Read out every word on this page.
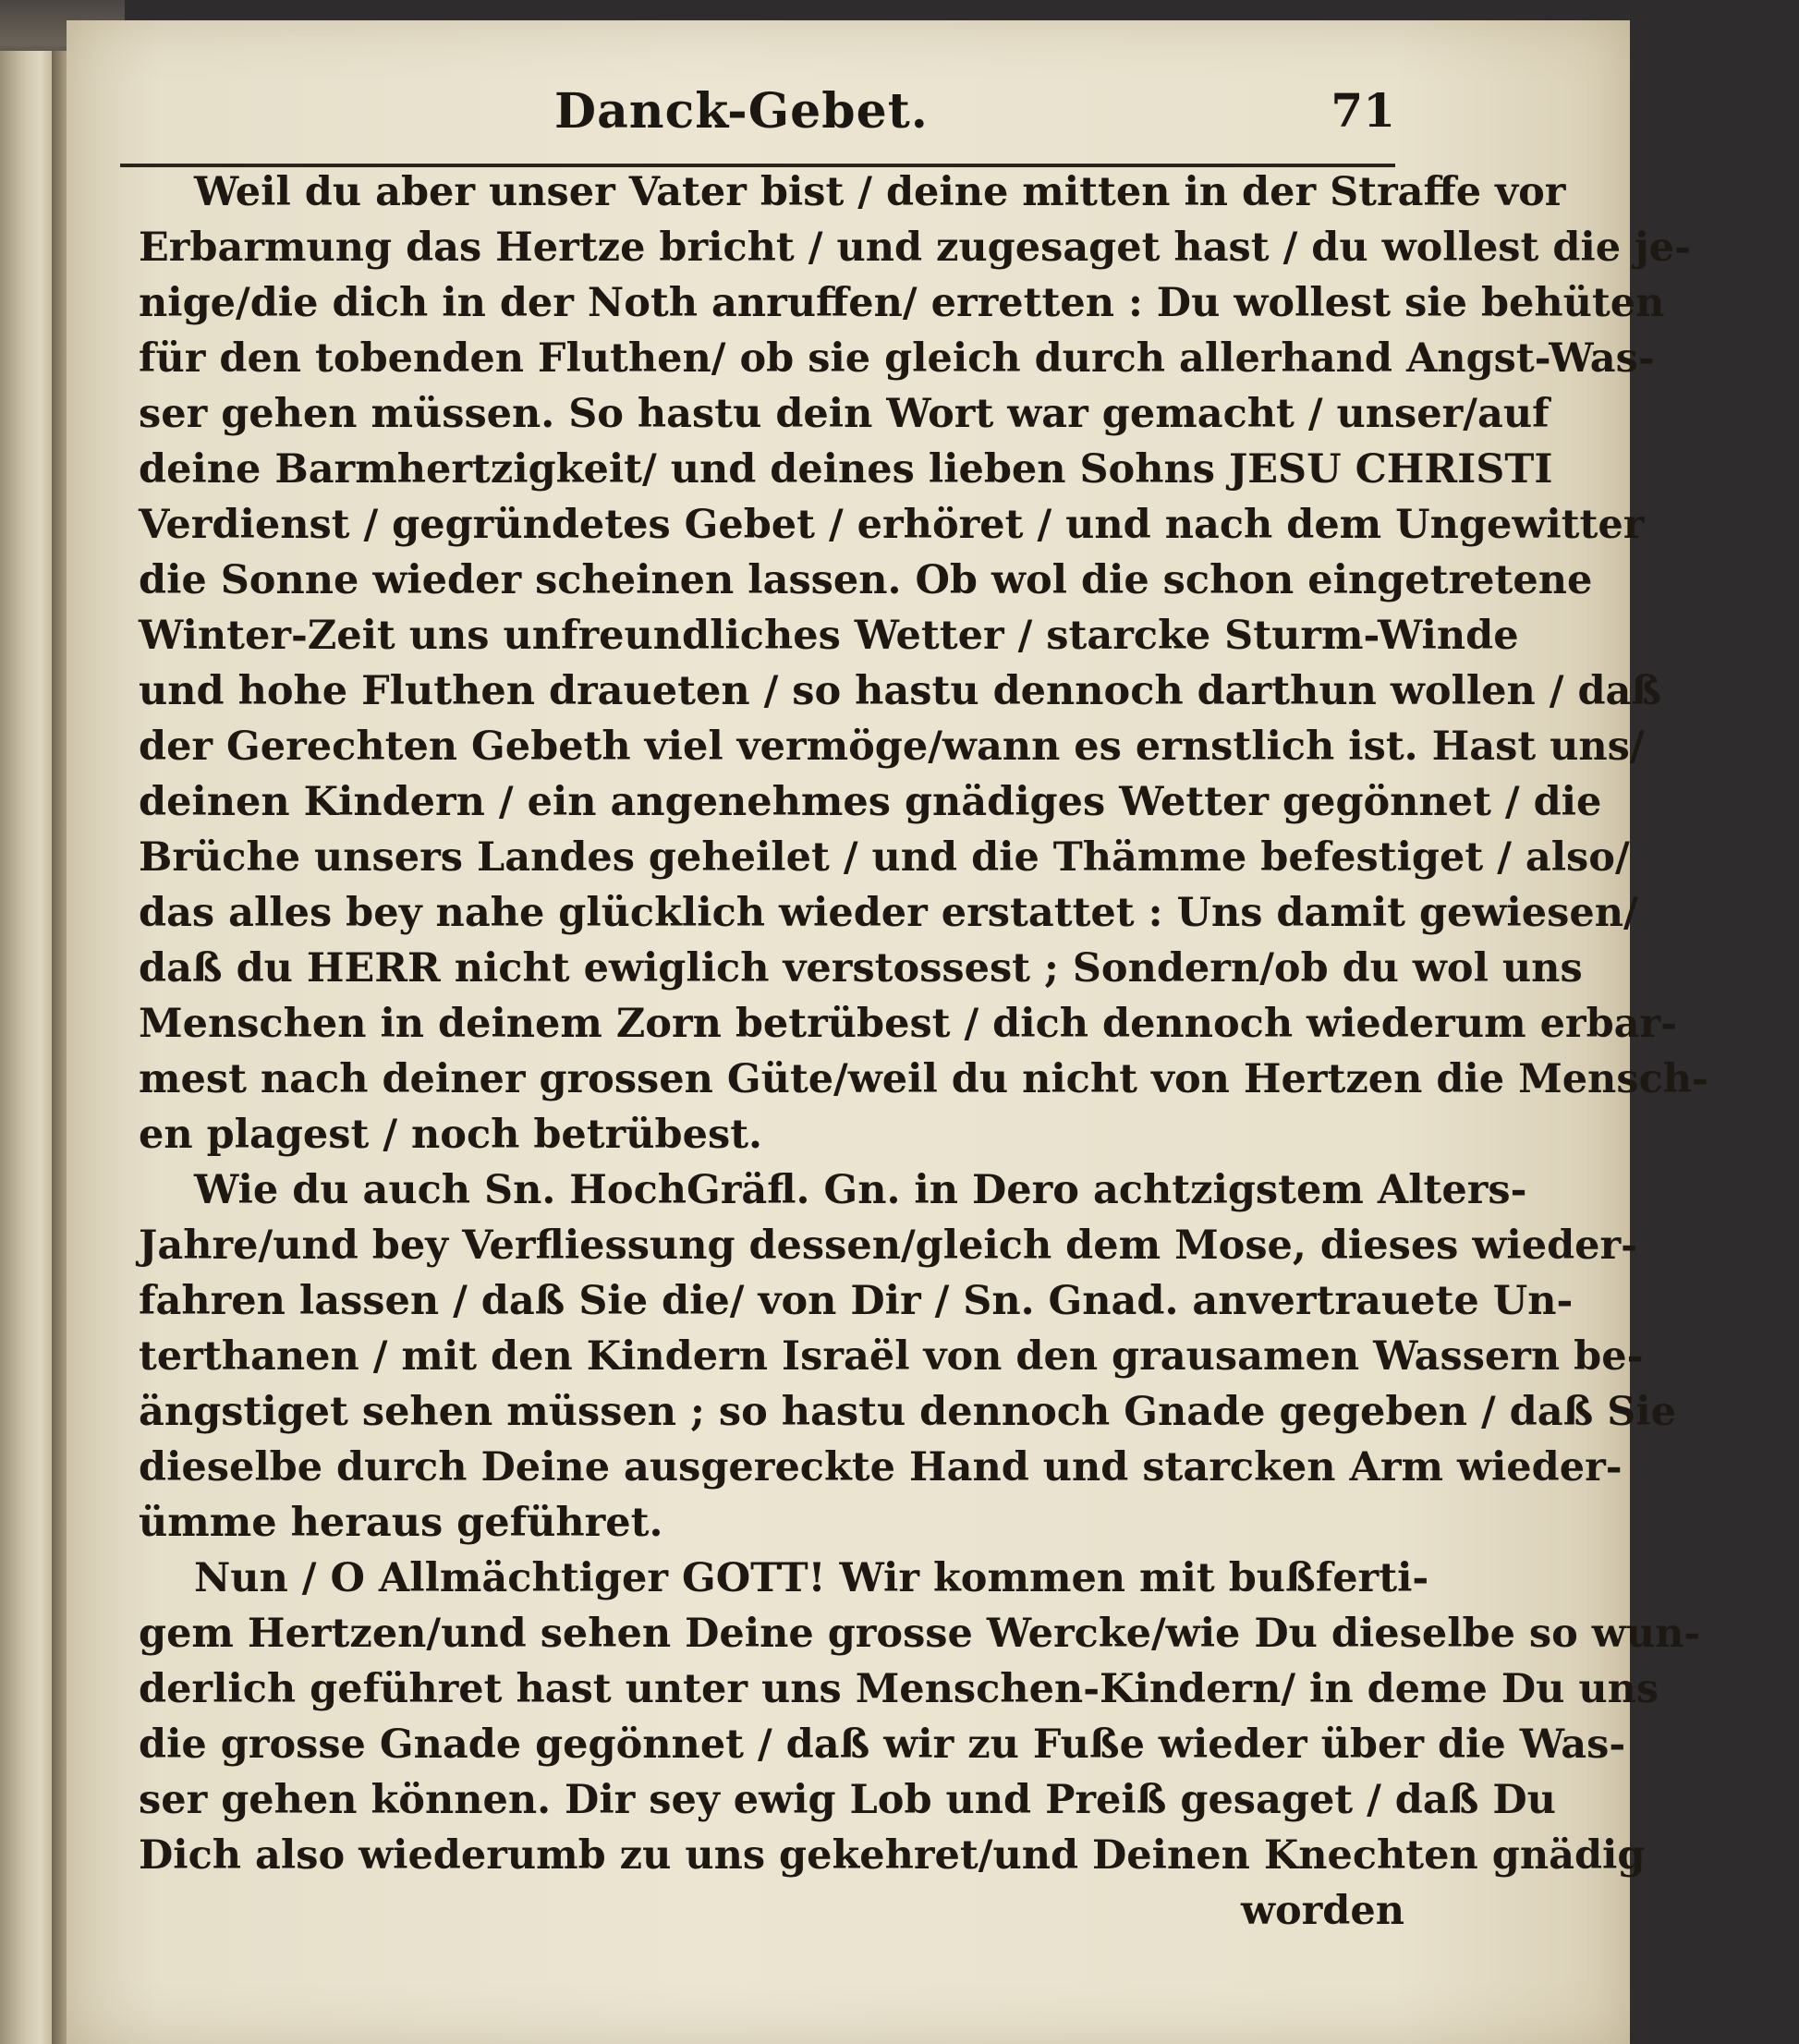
Danck-Gebet.	71
Weil du aber unser Vater bist / deine mitten in der Straffe vor
Erbarmung das Hertze bricht / und zugesaget hast / du wollest die je-
nige/die dich in der Noth anruffen/ erretten : Du wollest sie behüten
für den tobenden Fluthen/ ob sie gleich durch allerhand Angst-Was-
ser gehen müssen. So hastu dein Wort war gemacht / unser/auf
deine Barmhertzigkeit/ und deines lieben Sohns JESU CHRISTI
Verdienst / gegründetes Gebet / erhöret / und nach dem Ungewitter
die Sonne wieder scheinen lassen. Ob wol die schon eingetretene
Winter-Zeit uns unfreundliches Wetter / starcke Sturm-Winde
und hohe Fluthen draueten / so hastu dennoch darthun wollen / daß
der Gerechten Gebeth viel vermöge/wann es ernstlich ist. Hast uns/
deinen Kindern / ein angenehmes gnädiges Wetter gegönnet / die
Brüche unsers Landes geheilet / und die Thämme befestiget / also/
das alles bey nahe glücklich wieder erstattet : Uns damit gewiesen/
daß du HERR nicht ewiglich verstossest ; Sondern/ob du wol uns
Menschen in deinem Zorn betrübest / dich dennoch wiederum erbar-
mest nach deiner grossen Güte/weil du nicht von Hertzen die Mensch-
en plagest / noch betrübest.
Wie du auch Sn. HochGräfl. Gn. in Dero achtzigstem Alters-
Jahre/und bey Verfliessung dessen/gleich dem Mose, dieses wieder-
fahren lassen / daß Sie die/ von Dir / Sn. Gnad. anvertrauete Un-
terthanen / mit den Kindern Israël von den grausamen Wassern be-
ängstiget sehen müssen ; so hastu dennoch Gnade gegeben / daß Sie
dieselbe durch Deine ausgereckte Hand und starcken Arm wieder-
ümme heraus geführet.
Nun / O Allmächtiger GOTT! Wir kommen mit bußferti-
gem Hertzen/und sehen Deine grosse Wercke/wie Du dieselbe so wun-
derlich geführet hast unter uns Menschen-Kindern/ in deme Du uns
die grosse Gnade gegönnet / daß wir zu Fuße wieder über die Was-
ser gehen können. Dir sey ewig Lob und Preiß gesaget / daß Du
Dich also wiederumb zu uns gekehret/und Deinen Knechten gnädig
worden
